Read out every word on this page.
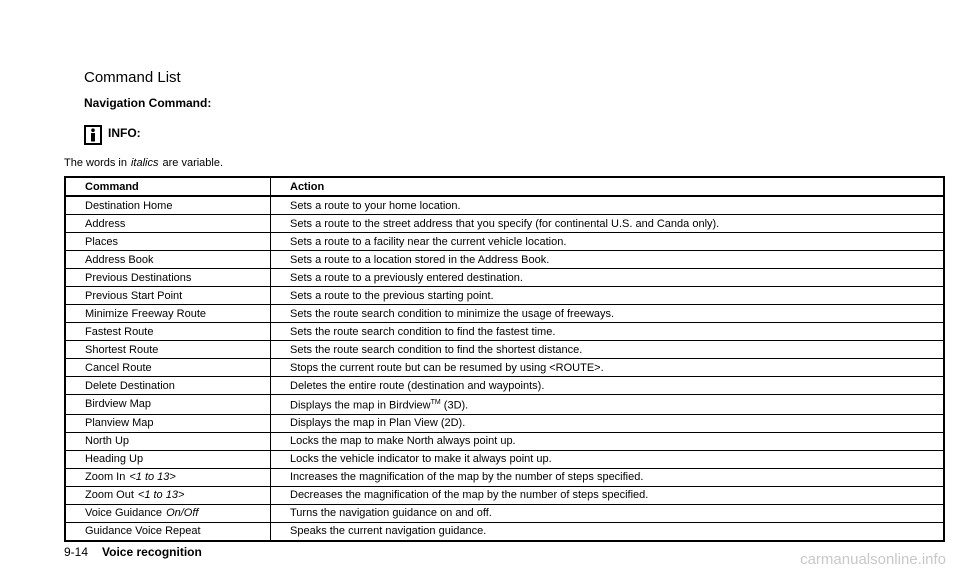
Command List
Navigation Command:
INFO:
The words in italics are variable.
Command	Action
Destination Home	Sets a route to your home location.
Address	Sets a route to the street address that you specify (for continental U.S. and Canda only).
Places	Sets a route to a facility near the current vehicle location.
Address Book	Sets a route to a location stored in the Address Book.
Previous Destinations	Sets a route to a previously entered destination.
Previous Start Point	Sets a route to the previous starting point.
Minimize Freeway Route	Sets the route search condition to minimize the usage of freeways.
Fastest Route	Sets the route search condition to find the fastest time.
Shortest Route	Sets the route search condition to find the shortest distance.
Cancel Route	Stops the current route but can be resumed by using <ROUTE>.
Delete Destination	Deletes the entire route (destination and waypoints).
Birdview Map	Displays the map in Birdview™ (3D).
Planview Map	Displays the map in Plan View (2D).
North Up	Locks the map to make North always point up.
Heading Up	Locks the vehicle indicator to make it always point up.
Zoom In <1 to 13>	Increases the magnification of the map by the number of steps specified.
Zoom Out <1 to 13>	Decreases the magnification of the map by the number of steps specified.
Voice Guidance On/Off	Turns the navigation guidance on and off.
Guidance Voice Repeat	Speaks the current navigation guidance.
9-14 Voice recognition	carmanualsonline.info
